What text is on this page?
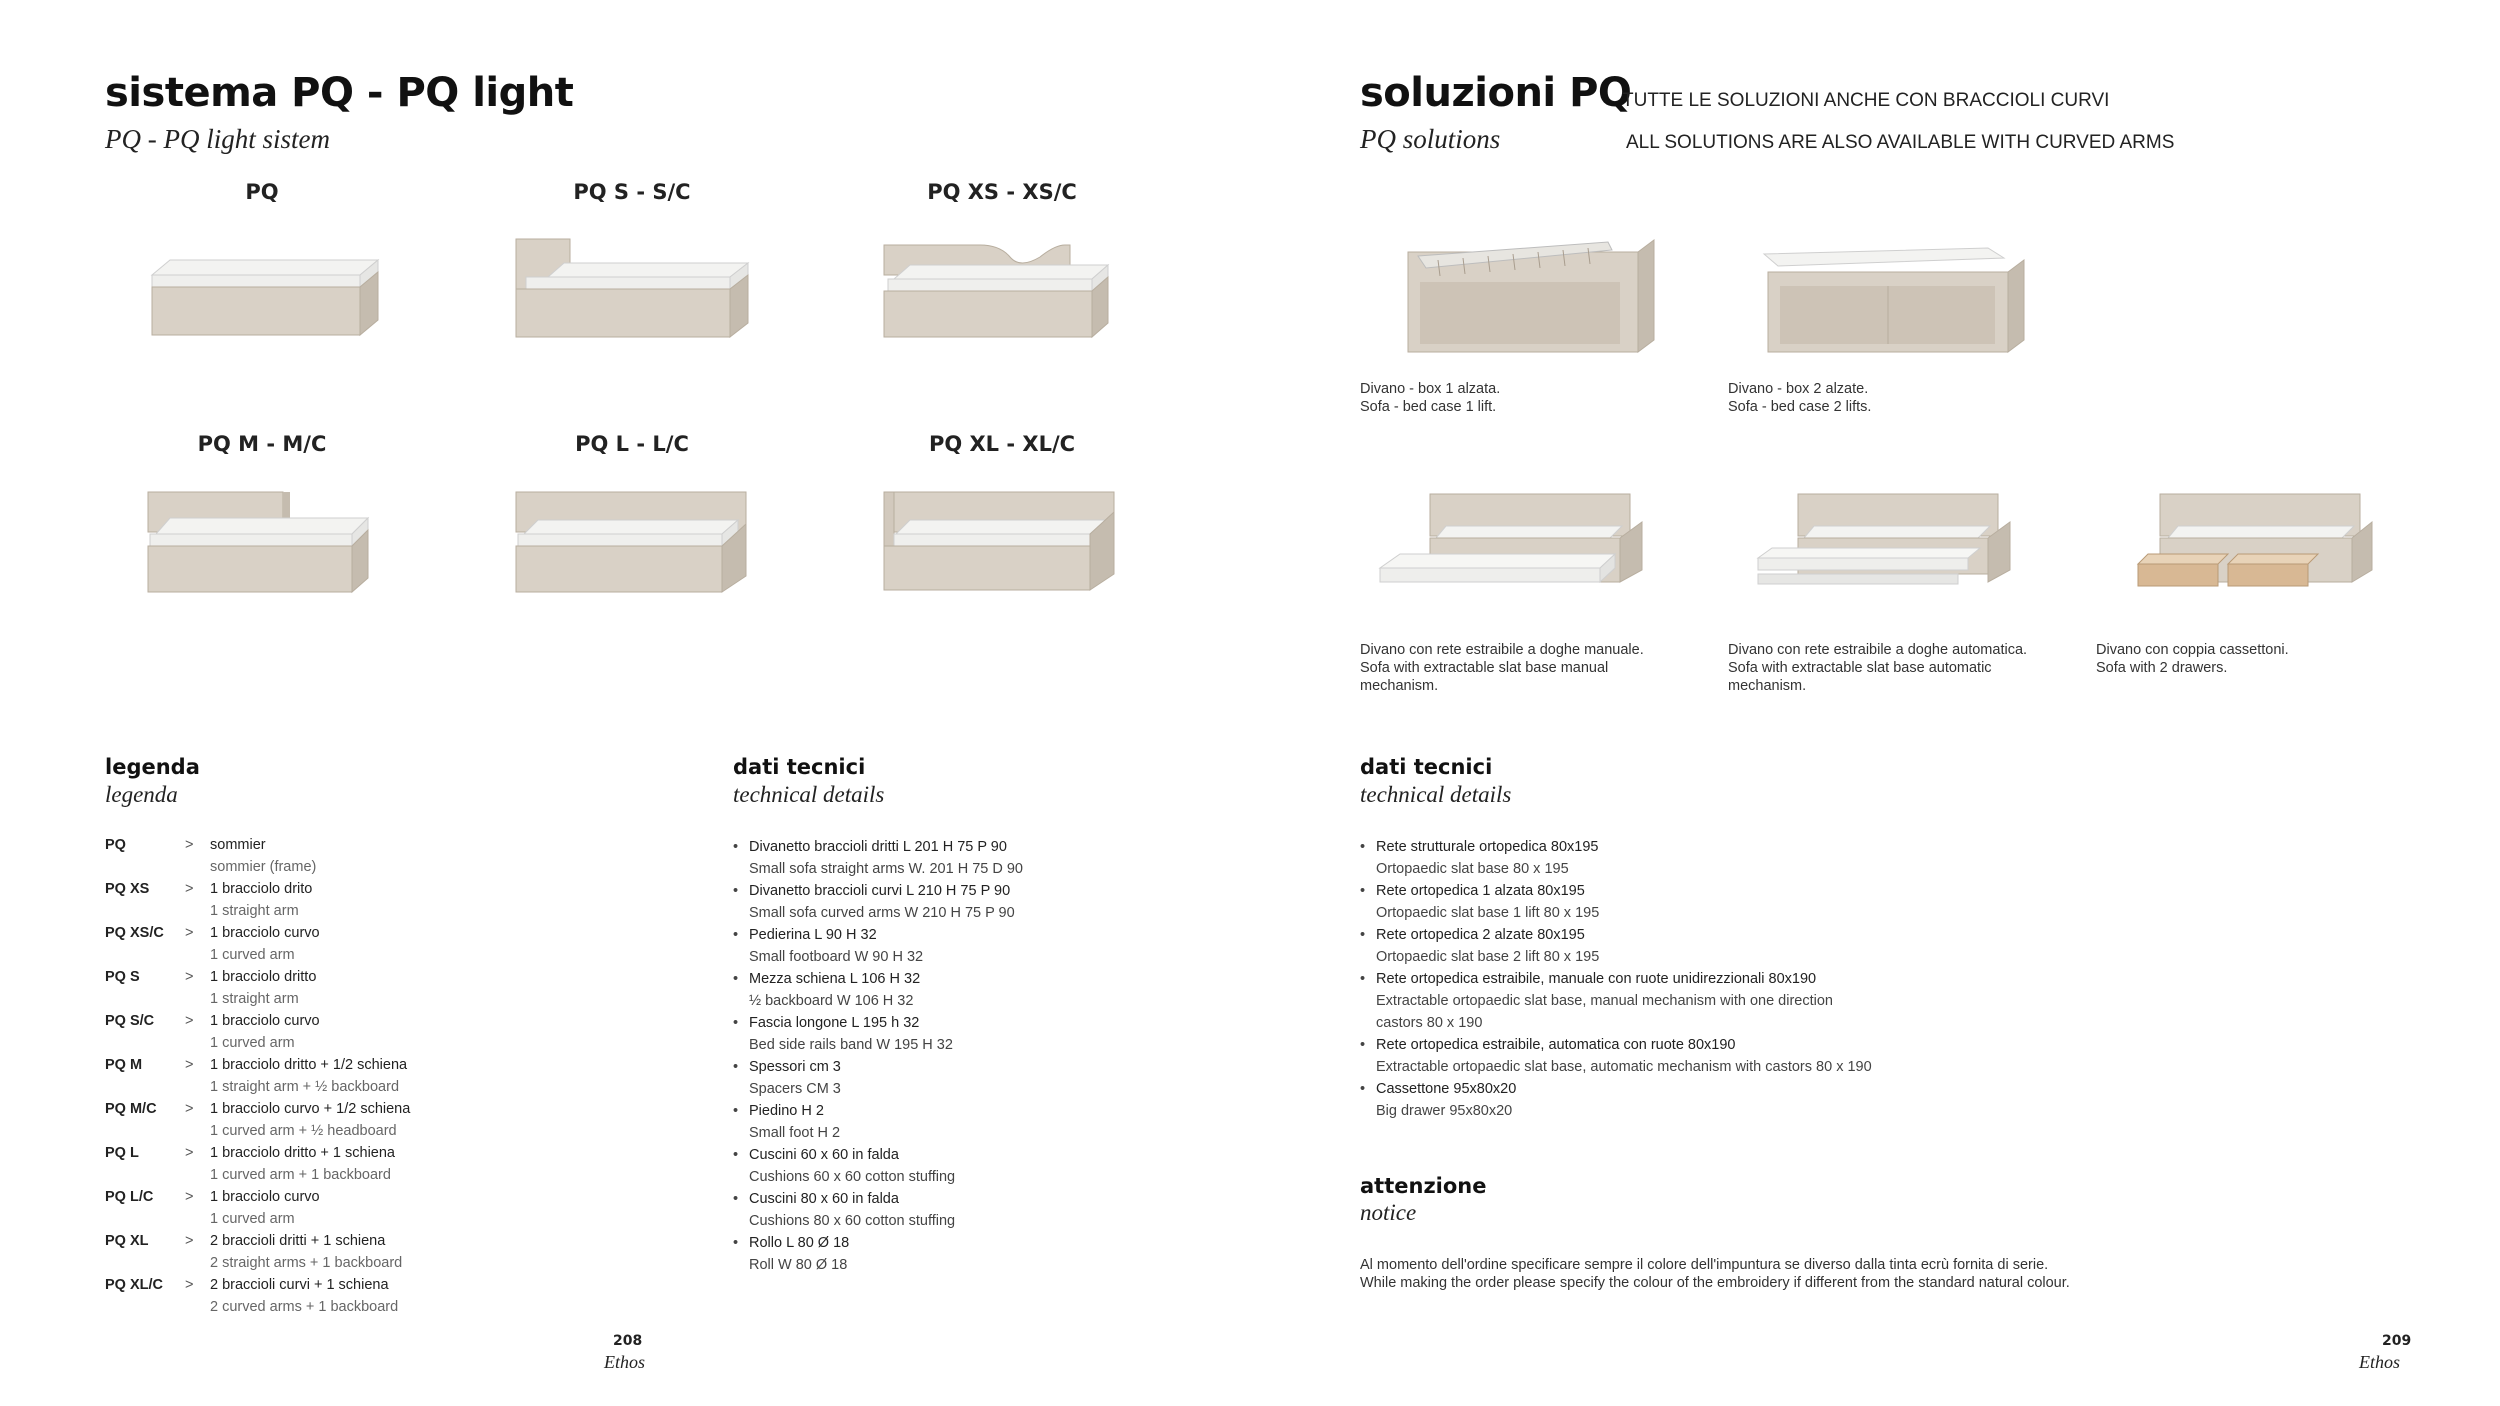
sistema PQ - PQ light
PQ - PQ light sistem
PQ	PQ S - S/C	PQ XS - XS/C
PQ M - M/C	PQ L - L/C	PQ XL - XL/C
legenda
legenda
PQ	> sommier
sommier (frame)
PQ XS	> 1 bracciolo drito
1 straight arm
PQ XS/C	> 1 bracciolo curvo
1 curved arm
PQ S	> 1 bracciolo dritto
1 straight arm
PQ S/C	> 1 bracciolo curvo
1 curved arm
PQ M	> 1 bracciolo dritto + 1/2 schiena
1 straight arm + ½ backboard
PQ M/C	> 1 bracciolo curvo + 1/2 schiena
1 curved arm + ½ headboard
PQ L	> 1 bracciolo dritto + 1 schiena
1 curved arm + 1 backboard
PQ L/C	> 1 bracciolo curvo
1 curved arm
PQ XL	> 2 braccioli dritti + 1 schiena
2 straight arms + 1 backboard
PQ XL/C	> 2 braccioli curvi + 1 schiena
2 curved arms + 1 backboard
dati tecnici
technical details
• Divanetto braccioli dritti L 201 H 75 P 90
Small sofa straight arms W. 201 H 75 D 90
• Divanetto braccioli curvi L 210 H 75 P 90
Small sofa curved arms W 210 H 75 P 90
• Pedierina L 90 H 32
Small footboard W 90 H 32
• Mezza schiena L 106 H 32
½ backboard W 106 H 32
• Fascia longone L 195 h 32
Bed side rails band W 195 H 32
• Spessori cm 3
Spacers CM 3
• Piedino H 2
Small foot H 2
• Cuscini 60 x 60 in falda
Cushions 60 x 60 cotton stuffing
• Cuscini 80 x 60 in falda
Cushions 80 x 60 cotton stuffing
• Rollo L 80 Ø 18
Roll W 80 Ø 18
208
Ethos
soluzioni PQ
TUTTE LE SOLUZIONI ANCHE CON BRACCIOLI CURVI
PQ solutions	ALL SOLUTIONS ARE ALSO AVAILABLE WITH CURVED ARMS
Divano - box 1 alzata.
Sofa - bed case 1 lift.
Divano - box 2 alzate.
Sofa - bed case 2 lifts.
Divano con rete estraibile a doghe manuale.
Sofa with extractable slat base manual
mechanism.
Divano con rete estraibile a doghe automatica.
Sofa with extractable slat base automatic
mechanism.
Divano con coppia cassettoni.
Sofa with 2 drawers.
dati tecnici
technical details
• Rete strutturale ortopedica 80x195
Ortopaedic slat base 80 x 195
• Rete ortopedica 1 alzata 80x195
Ortopaedic slat base 1 lift 80 x 195
• Rete ortopedica 2 alzate 80x195
Ortopaedic slat base 2 lift 80 x 195
• Rete ortopedica estraibile, manuale con ruote unidirezzionali 80x190
Extractable ortopaedic slat base, manual mechanism with one direction
castors 80 x 190
• Rete ortopedica estraibile, automatica con ruote 80x190
Extractable ortopaedic slat base, automatic mechanism with castors 80 x 190
• Cassettone 95x80x20
Big drawer 95x80x20
attenzione
notice
Al momento dell'ordine specificare sempre il colore dell'impuntura se diverso dalla tinta ecrù fornita di serie.
While making the order please specify the colour of the embroidery if different from the standard natural colour.
209
Ethos
